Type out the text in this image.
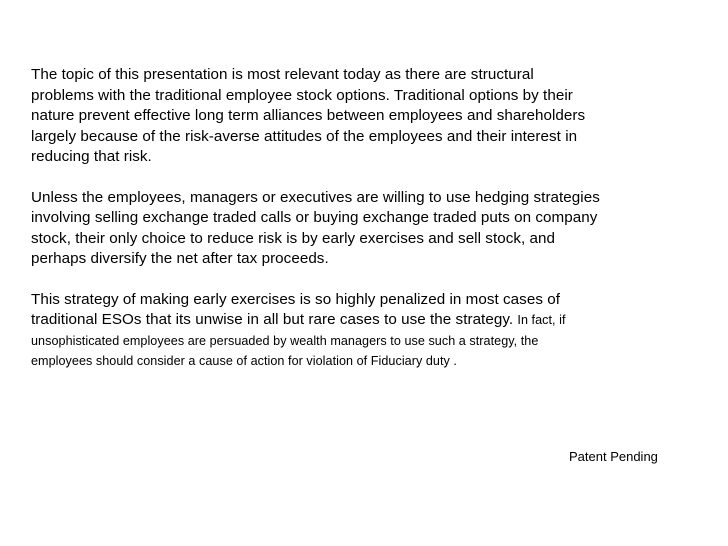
The topic of this presentation is most relevant today as there are structural
problems with the traditional employee stock options. Traditional options by their
nature prevent effective long term alliances between employees and shareholders
largely because of the risk-averse attitudes of the employees and their interest in
reducing that risk.

Unless the employees, managers or executives are willing to use hedging strategies
involving selling exchange traded calls or buying exchange traded puts on company
stock, their only choice to reduce risk is by early exercises and sell stock, and
perhaps diversify the net after tax proceeds.

This strategy of making early exercises is so highly penalized in most cases of
traditional ESOs that its unwise in all but rare cases to use the strategy. In fact, if
unsophisticated employees are persuaded by wealth managers to use such a strategy, the
employees should consider a cause of action for violation of Fiduciary duty .

Patent Pending
